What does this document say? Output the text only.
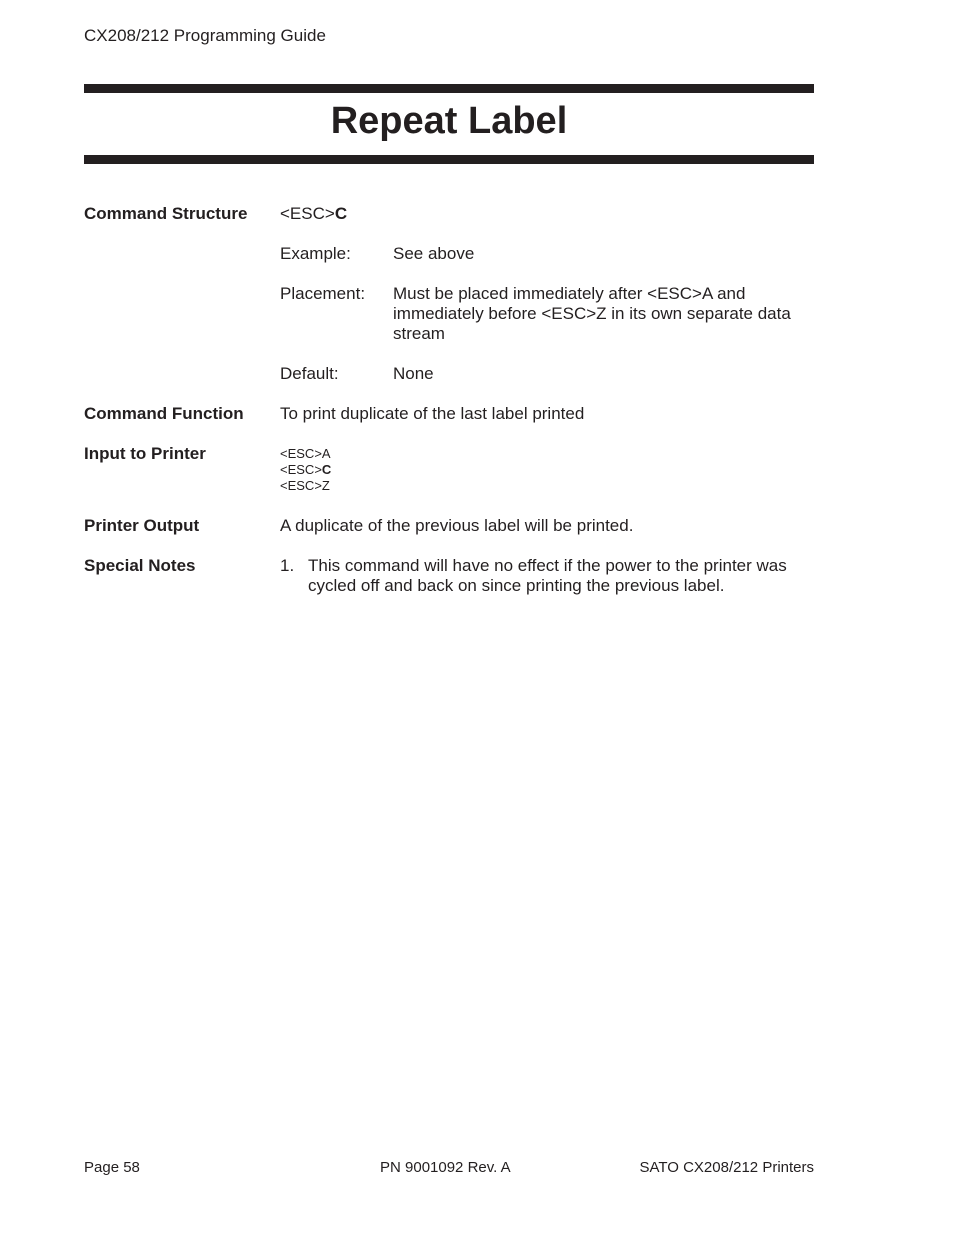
CX208/212 Programming Guide
Repeat Label
Command Structure <ESC>C
Example: See above
Placement: Must be placed immediately after <ESC>A and immediately before <ESC>Z in its own separate data stream
Default:	None
Command Function To print duplicate of the last label printed
Input to Printer	<ESC>A
<ESC>C
<ESC>Z
Printer Output	A duplicate of the previous label will be printed.
Special Notes	1. This command will have no effect if the power to the printer was cycled off and back on since printing the previous label.
Page 58	PN 9001092 Rev. A	SATO CX208/212 Printers
